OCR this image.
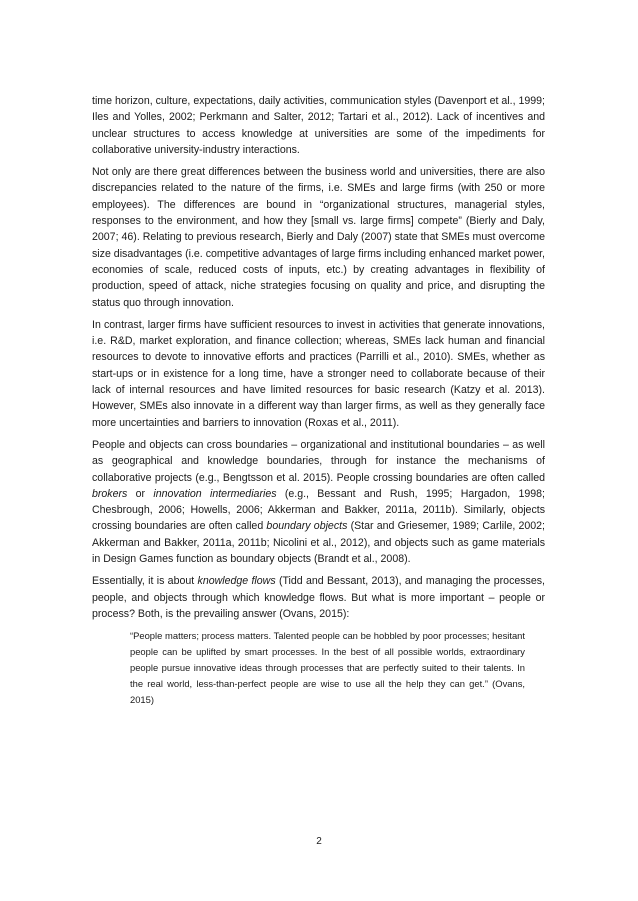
time horizon, culture, expectations, daily activities, communication styles (Davenport et al., 1999; Iles and Yolles, 2002; Perkmann and Salter, 2012; Tartari et al., 2012). Lack of incentives and unclear structures to access knowledge at universities are some of the impediments for collaborative university-industry interactions.

Not only are there great differences between the business world and universities, there are also discrepancies related to the nature of the firms, i.e. SMEs and large firms (with 250 or more employees). The differences are bound in “organizational structures, managerial styles, responses to the environment, and how they [small vs. large firms] compete” (Bierly and Daly, 2007; 46). Relating to previous research, Bierly and Daly (2007) state that SMEs must overcome size disadvantages (i.e. competitive advantages of large firms including enhanced market power, economies of scale, reduced costs of inputs, etc.) by creating advantages in flexibility of production, speed of attack, niche strategies focusing on quality and price, and disrupting the status quo through innovation.

In contrast, larger firms have sufficient resources to invest in activities that generate innovations, i.e. R&D, market exploration, and finance collection; whereas, SMEs lack human and financial resources to devote to innovative efforts and practices (Parrilli et al., 2010). SMEs, whether as start-ups or in existence for a long time, have a stronger need to collaborate because of their lack of internal resources and have limited resources for basic research (Katzy et al. 2013). However, SMEs also innovate in a different way than larger firms, as well as they generally face more uncertainties and barriers to innovation (Roxas et al., 2011).

People and objects can cross boundaries – organizational and institutional boundaries – as well as geographical and knowledge boundaries, through for instance the mechanisms of collaborative projects (e.g., Bengtsson et al. 2015). People crossing boundaries are often called brokers or innovation intermediaries (e.g., Bessant and Rush, 1995; Hargadon, 1998; Chesbrough, 2006; Howells, 2006; Akkerman and Bakker, 2011a, 2011b). Similarly, objects crossing boundaries are often called boundary objects (Star and Griesemer, 1989; Carlile, 2002; Akkerman and Bakker, 2011a, 2011b; Nicolini et al., 2012), and objects such as game materials in Design Games function as boundary objects (Brandt et al., 2008).

Essentially, it is about knowledge flows (Tidd and Bessant, 2013), and managing the processes, people, and objects through which knowledge flows. But what is more important – people or process? Both, is the prevailing answer (Ovans, 2015):

“People matters; process matters. Talented people can be hobbled by poor processes; hesitant people can be uplifted by smart processes. In the best of all possible worlds, extraordinary people pursue innovative ideas through processes that are perfectly suited to their talents. In the real world, less-than-perfect people are wise to use all the help they can get.” (Ovans, 2015)
2
